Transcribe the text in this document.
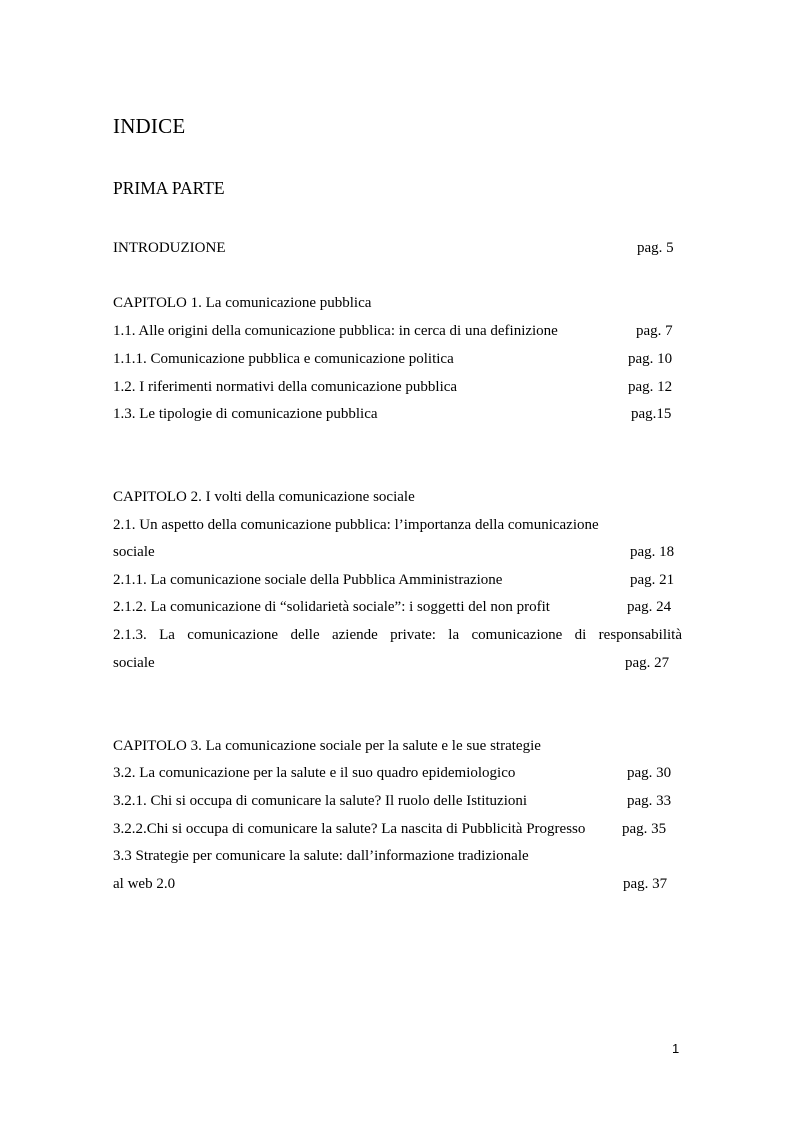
INDICE
PRIMA PARTE
INTRODUZIONE	pag. 5
CAPITOLO 1. La comunicazione pubblica
1.1. Alle origini della comunicazione pubblica: in cerca di una definizione	pag. 7
1.1.1. Comunicazione pubblica e comunicazione politica	pag. 10
1.2. I riferimenti normativi della comunicazione pubblica	pag. 12
1.3. Le tipologie di comunicazione pubblica	pag.15
CAPITOLO 2. I volti della comunicazione sociale
2.1. Un aspetto della comunicazione pubblica: l’importanza della comunicazione
sociale	pag. 18
2.1.1. La comunicazione sociale della Pubblica Amministrazione	pag. 21
2.1.2. La comunicazione di “solidarietà sociale”: i soggetti del non profit	pag. 24
2.1.3. La comunicazione delle aziende private: la comunicazione di responsabilità
sociale	pag. 27
CAPITOLO 3. La comunicazione sociale per la salute e le sue strategie
3.2. La comunicazione per la salute e il suo quadro epidemiologico	pag. 30
3.2.1. Chi si occupa di comunicare la salute? Il ruolo delle Istituzioni	pag. 33
3.2.2.Chi si occupa di comunicare la salute? La nascita di Pubblicità Progresso pag. 35
3.3 Strategie per comunicare la salute: dall’informazione tradizionale
al web 2.0	pag. 37
1
